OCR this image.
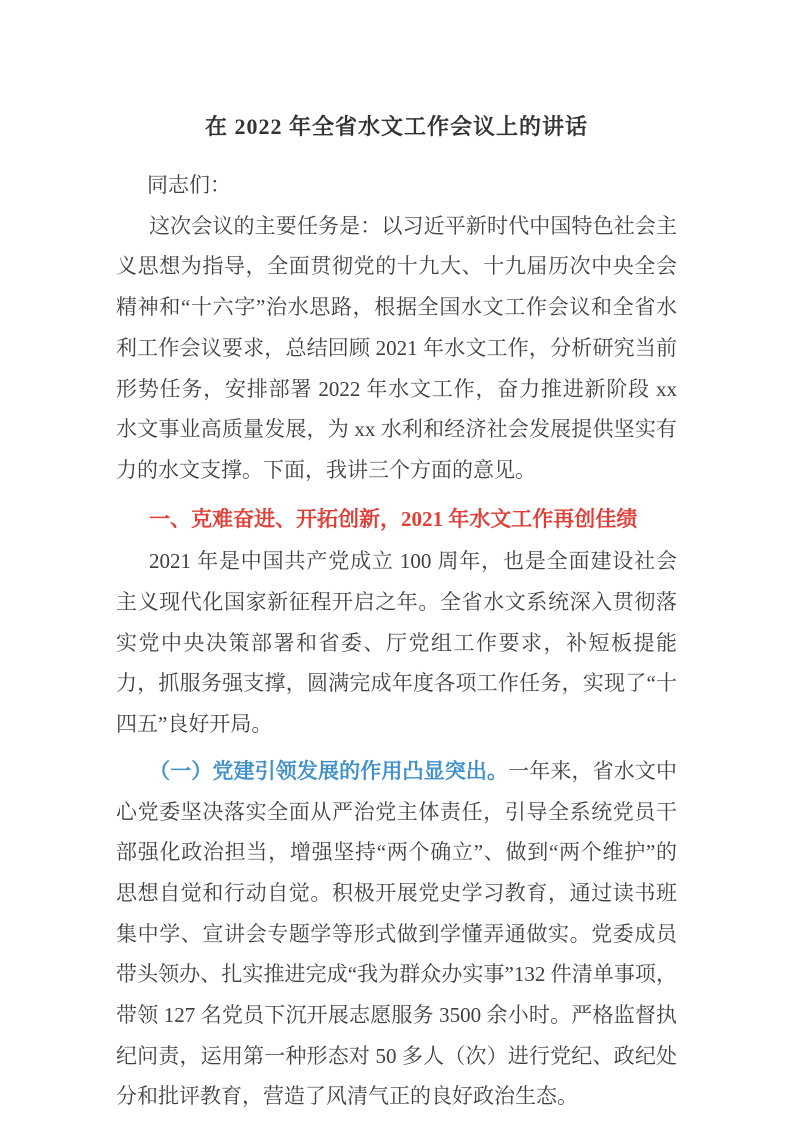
在 2022 年全省水文工作会议上的讲话

同志们：

这次会议的主要任务是：以习近平新时代中国特色社会主义思想为指导，全面贯彻党的十九大、十九届历次中央全会精神和“十六字”治水思路，根据全国水文工作会议和全省水利工作会议要求，总结回顾 2021 年水文工作，分析研究当前形势任务，安排部署 2022 年水文工作，奋力推进新阶段 xx 水文事业高质量发展，为 xx 水利和经济社会发展提供坚实有力的水文支撑。下面，我讲三个方面的意见。

一、克难奋进、开拓创新，2021 年水文工作再创佳绩

2021 年是中国共产党成立 100 周年，也是全面建设社会主义现代化国家新征程开启之年。全省水文系统深入贯彻落实党中央决策部署和省委、厅党组工作要求，补短板提能力，抓服务强支撑，圆满完成年度各项工作任务，实现了“十四五”良好开局。

（一）党建引领发展的作用凸显突出。一年来，省水文中心党委坚决落实全面从严治党主体责任，引导全系统党员干部强化政治担当，增强坚持“两个确立”、做到“两个维护”的思想自觉和行动自觉。积极开展党史学习教育，通过读书班集中学、宣讲会专题学等形式做到学懂弄通做实。党委成员带头领办、扎实推进完成“我为群众办实事”132 件清单事项，带领 127 名党员下沉开展志愿服务 3500 余小时。严格监督执纪问责，运用第一种形态对 50 多人（次）进行党纪、政纪处分和批评教育，营造了风清气正的良好政治生态。
